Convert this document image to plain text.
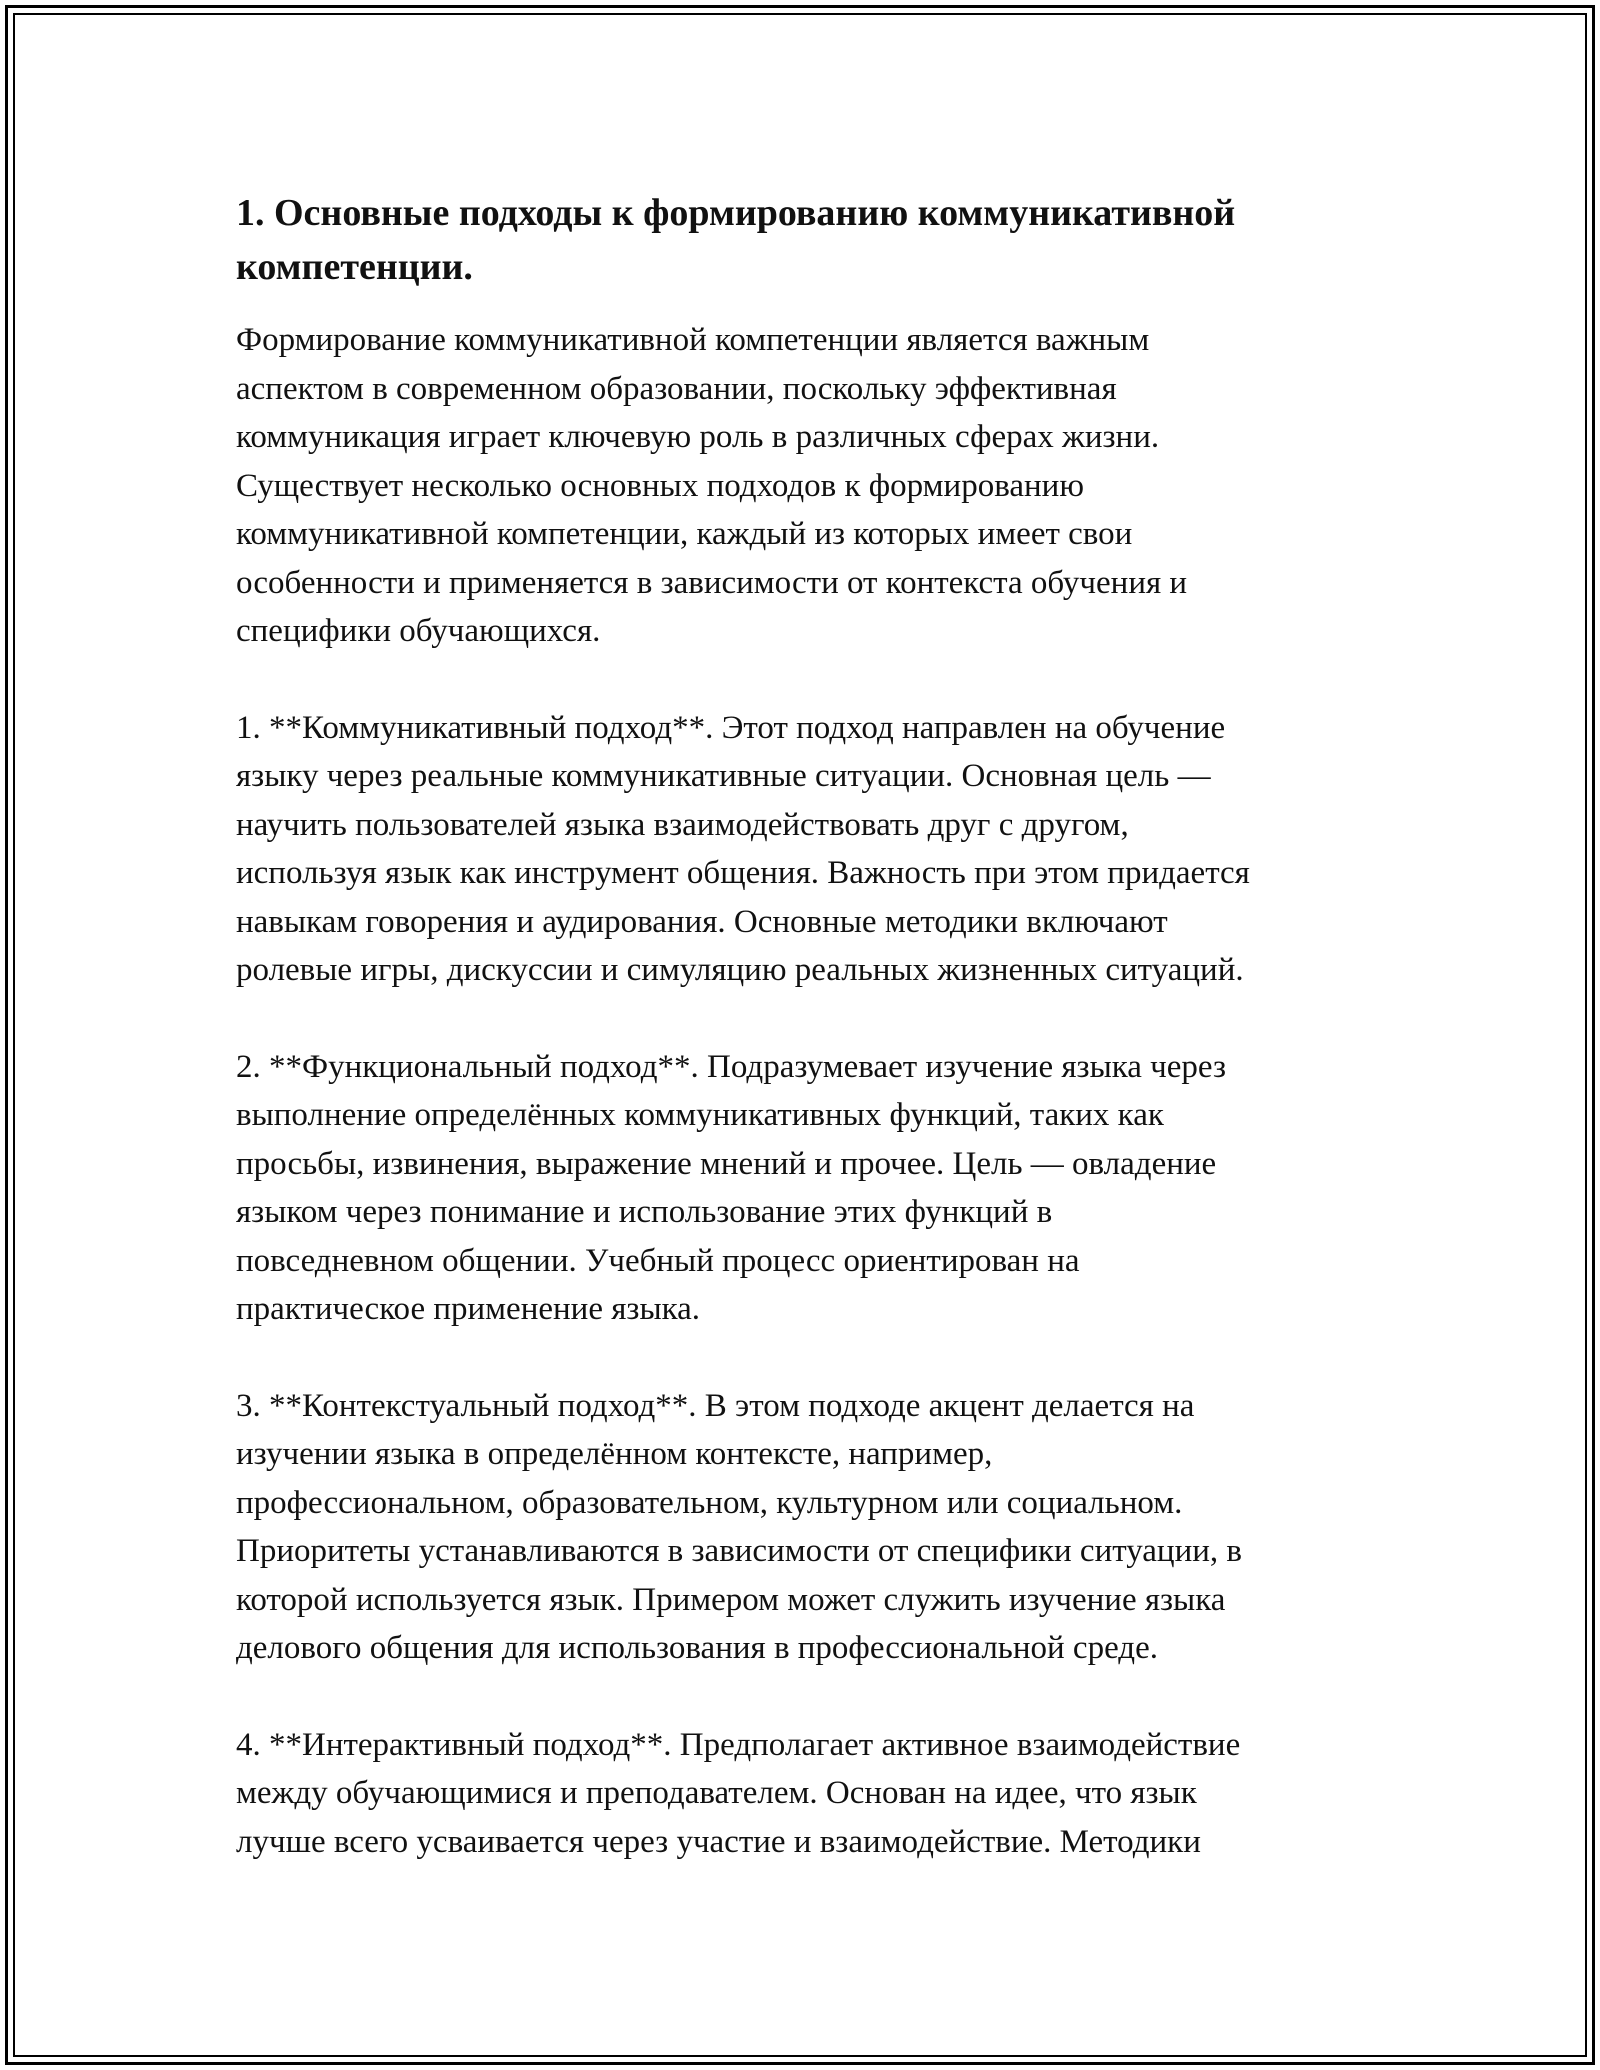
1. Основные подходы к формированию коммуникативной компетенции.

Формирование коммуникативной компетенции является важным
аспектом в современном образовании, поскольку эффективная
коммуникация играет ключевую роль в различных сферах жизни.
Существует несколько основных подходов к формированию
коммуникативной компетенции, каждый из которых имеет свои
особенности и применяется в зависимости от контекста обучения и
специфики обучающихся.

1. **Коммуникативный подход**. Этот подход направлен на обучение
языку через реальные коммуникативные ситуации. Основная цель —
научить пользователей языка взаимодействовать друг с другом,
используя язык как инструмент общения. Важность при этом придается
навыкам говорения и аудирования. Основные методики включают
ролевые игры, дискуссии и симуляцию реальных жизненных ситуаций.

2. **Функциональный подход**. Подразумевает изучение языка через
выполнение определённых коммуникативных функций, таких как
просьбы, извинения, выражение мнений и прочее. Цель — овладение
языком через понимание и использование этих функций в
повседневном общении. Учебный процесс ориентирован на
практическое применение языка.

3. **Контекстуальный подход**. В этом подходе акцент делается на
изучении языка в определённом контексте, например,
профессиональном, образовательном, культурном или социальном.
Приоритеты устанавливаются в зависимости от специфики ситуации, в
которой используется язык. Примером может служить изучение языка
делового общения для использования в профессиональной среде.

4. **Интерактивный подход**. Предполагает активное взаимодействие
между обучающимися и преподавателем. Основан на идее, что язык
лучше всего усваивается через участие и взаимодействие. Методики
